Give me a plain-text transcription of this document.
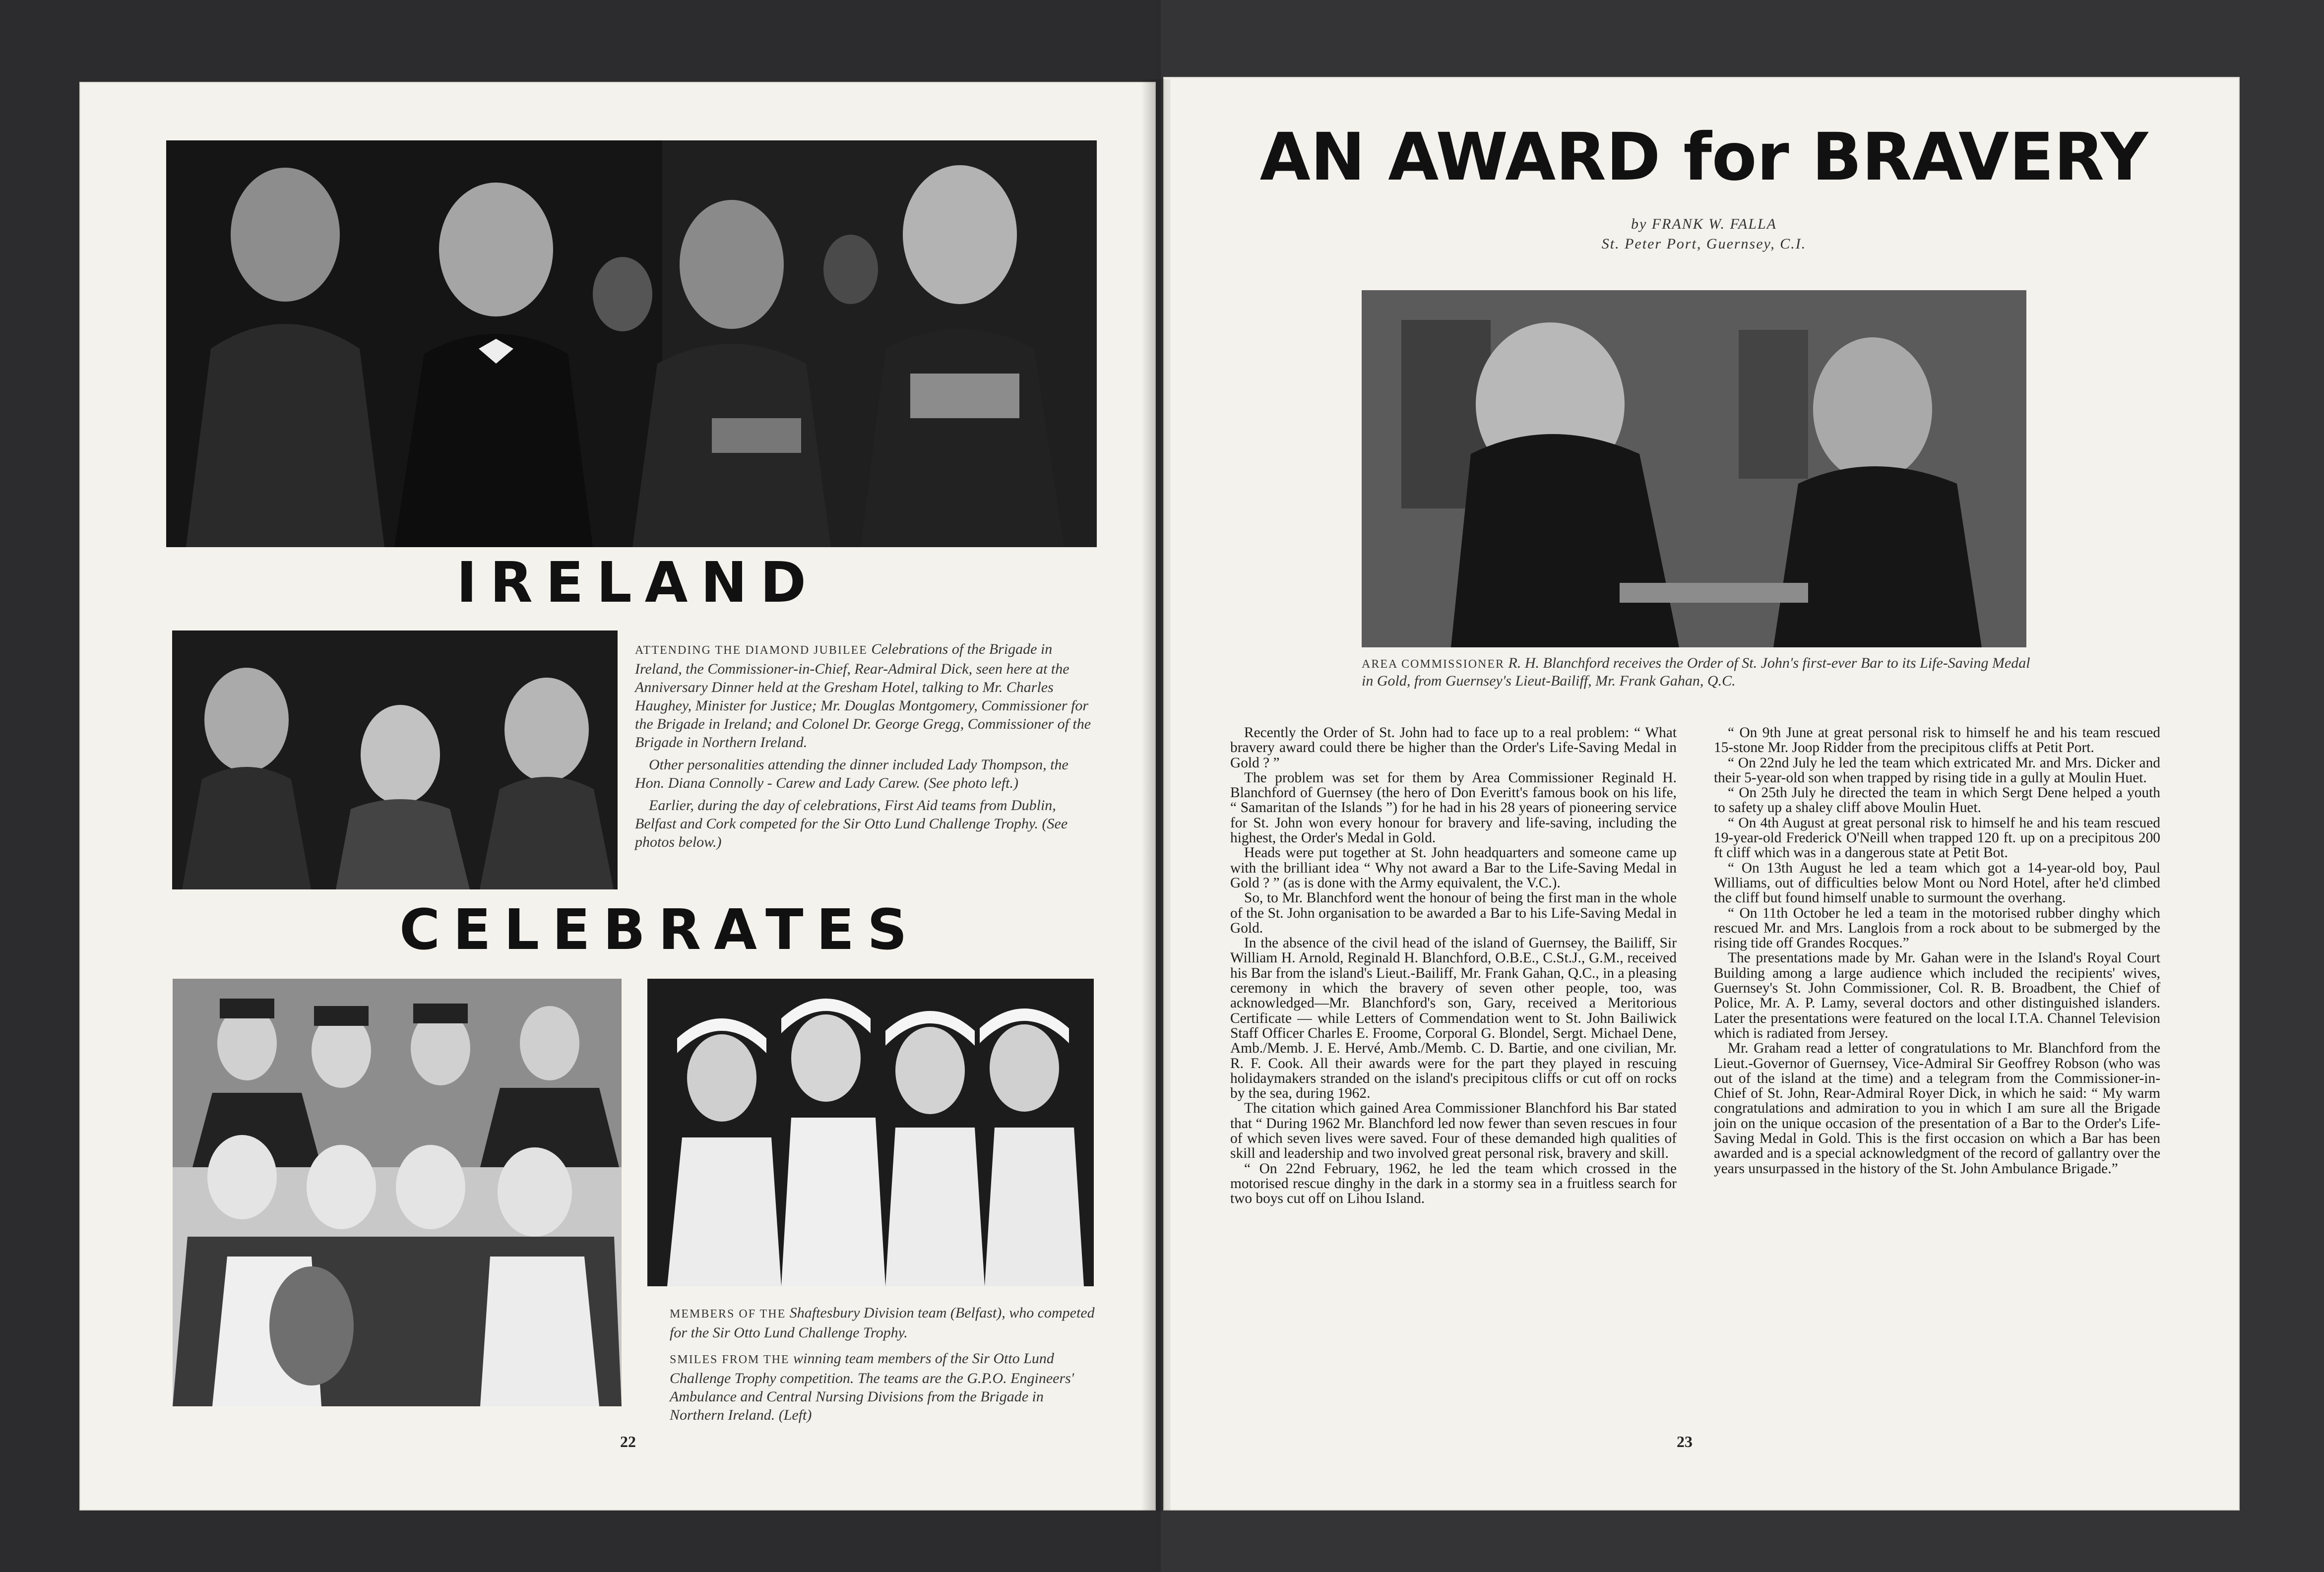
IRELAND

ATTENDING THE DIAMOND JUBILEE Celebrations of the Brigade in Ireland, the Commissioner-in-Chief, Rear-Admiral Dick, seen here at the Anniversary Dinner held at the Gresham Hotel, talking to Mr. Charles Haughey, Minister for Justice; Mr. Douglas Montgomery, Commissioner for the Brigade in Ireland; and Colonel Dr. George Gregg, Commissioner of the Brigade in Northern Ireland.

Other personalities attending the dinner included Lady Thompson, the Hon. Diana Connolly - Carew and Lady Carew. (See photo left.)

Earlier, during the day of celebrations, First Aid teams from Dublin, Belfast and Cork competed for the Sir Otto Lund Challenge Trophy. (See photos below.)

CELEBRATES

MEMBERS OF THE Shaftesbury Division team (Belfast), who competed for the Sir Otto Lund Challenge Trophy.

SMILES FROM THE winning team members of the Sir Otto Lund Challenge Trophy competition. The teams are the G.P.O. Engineers' Ambulance and Central Nursing Divisions from the Brigade in Northern Ireland. (Left)

22
AN AWARD for BRAVERY
by FRANK W. FALLA
St. Peter Port, Guernsey, C.I.

AREA COMMISSIONER R. H. Blanchford receives the Order of St. John's first-ever Bar to its Life-Saving Medal in Gold, from Guernsey's Lieut-Bailiff, Mr. Frank Gahan, Q.C.

Recently the Order of St. John had to face up to a real problem: “ What bravery award could there be higher than the Order's Life-Saving Medal in Gold ? ”

The problem was set for them by Area Commissioner Reginald H. Blanchford of Guernsey (the hero of Don Everitt's famous book on his life, “ Samaritan of the Islands ”) for he had in his 28 years of pioneering service for St. John won every honour for bravery and life-saving, including the highest, the Order's Medal in Gold.

Heads were put together at St. John headquarters and someone came up with the brilliant idea “ Why not award a Bar to the Life-Saving Medal in Gold ? ” (as is done with the Army equivalent, the V.C.).

So, to Mr. Blanchford went the honour of being the first man in the whole of the St. John organisation to be awarded a Bar to his Life-Saving Medal in Gold.

In the absence of the civil head of the island of Guernsey, the Bailiff, Sir William H. Arnold, Reginald H. Blanchford, O.B.E., C.St.J., G.M., received his Bar from the island's Lieut.-Bailiff, Mr. Frank Gahan, Q.C., in a pleasing ceremony in which the bravery of seven other people, too, was acknowledged—Mr. Blanchford's son, Gary, received a Meritorious Certificate — while Letters of Commendation went to St. John Bailiwick Staff Officer Charles E. Froome, Corporal G. Blondel, Sergt. Michael Dene, Amb./Memb. J. E. Hervé, Amb./Memb. C. D. Bartie, and one civilian, Mr. R. F. Cook. All their awards were for the part they played in rescuing holidaymakers stranded on the island's precipitous cliffs or cut off on rocks by the sea, during 1962.

The citation which gained Area Commissioner Blanchford his Bar stated that “ During 1962 Mr. Blanchford led now fewer than seven rescues in four of which seven lives were saved. Four of these demanded high qualities of skill and leadership and two involved great personal risk, bravery and skill.

“ On 22nd February, 1962, he led the team which crossed in the motorised rescue dinghy in the dark in a stormy sea in a fruitless search for two boys cut off on Lihou Island.

“ On 9th June at great personal risk to himself he and his team rescued 15-stone Mr. Joop Ridder from the precipitous cliffs at Petit Port.

“ On 22nd July he led the team which extricated Mr. and Mrs. Dicker and their 5-year-old son when trapped by rising tide in a gully at Moulin Huet.

“ On 25th July he directed the team in which Sergt Dene helped a youth to safety up a shaley cliff above Moulin Huet.

“ On 4th August at great personal risk to himself he and his team rescued 19-year-old Frederick O'Neill when trapped 120 ft. up on a precipitous 200 ft cliff which was in a dangerous state at Petit Bot.

“ On 13th August he led a team which got a 14-year-old boy, Paul Williams, out of difficulties below Mont ou Nord Hotel, after he'd climbed the cliff but found himself unable to surmount the overhang.

“ On 11th October he led a team in the motorised rubber dinghy which rescued Mr. and Mrs. Langlois from a rock about to be submerged by the rising tide off Grandes Rocques.”

The presentations made by Mr. Gahan were in the Island's Royal Court Building among a large audience which included the recipients' wives, Guernsey's St. John Commissioner, Col. R. B. Broadbent, the Chief of Police, Mr. A. P. Lamy, several doctors and other distinguished islanders. Later the presentations were featured on the local I.T.A. Channel Television which is radiated from Jersey.

Mr. Graham read a letter of congratulations to Mr. Blanchford from the Lieut.-Governor of Guernsey, Vice-Admiral Sir Geoffrey Robson (who was out of the island at the time) and a telegram from the Commissioner-in-Chief of St. John, Rear-Admiral Royer Dick, in which he said: “ My warm congratulations and admiration to you in which I am sure all the Brigade join on the unique occasion of the presentation of a Bar to the Order's Life-Saving Medal in Gold. This is the first occasion on which a Bar has been awarded and is a special acknowledgment of the record of gallantry over the years unsurpassed in the history of the St. John Ambulance Brigade.”

23
